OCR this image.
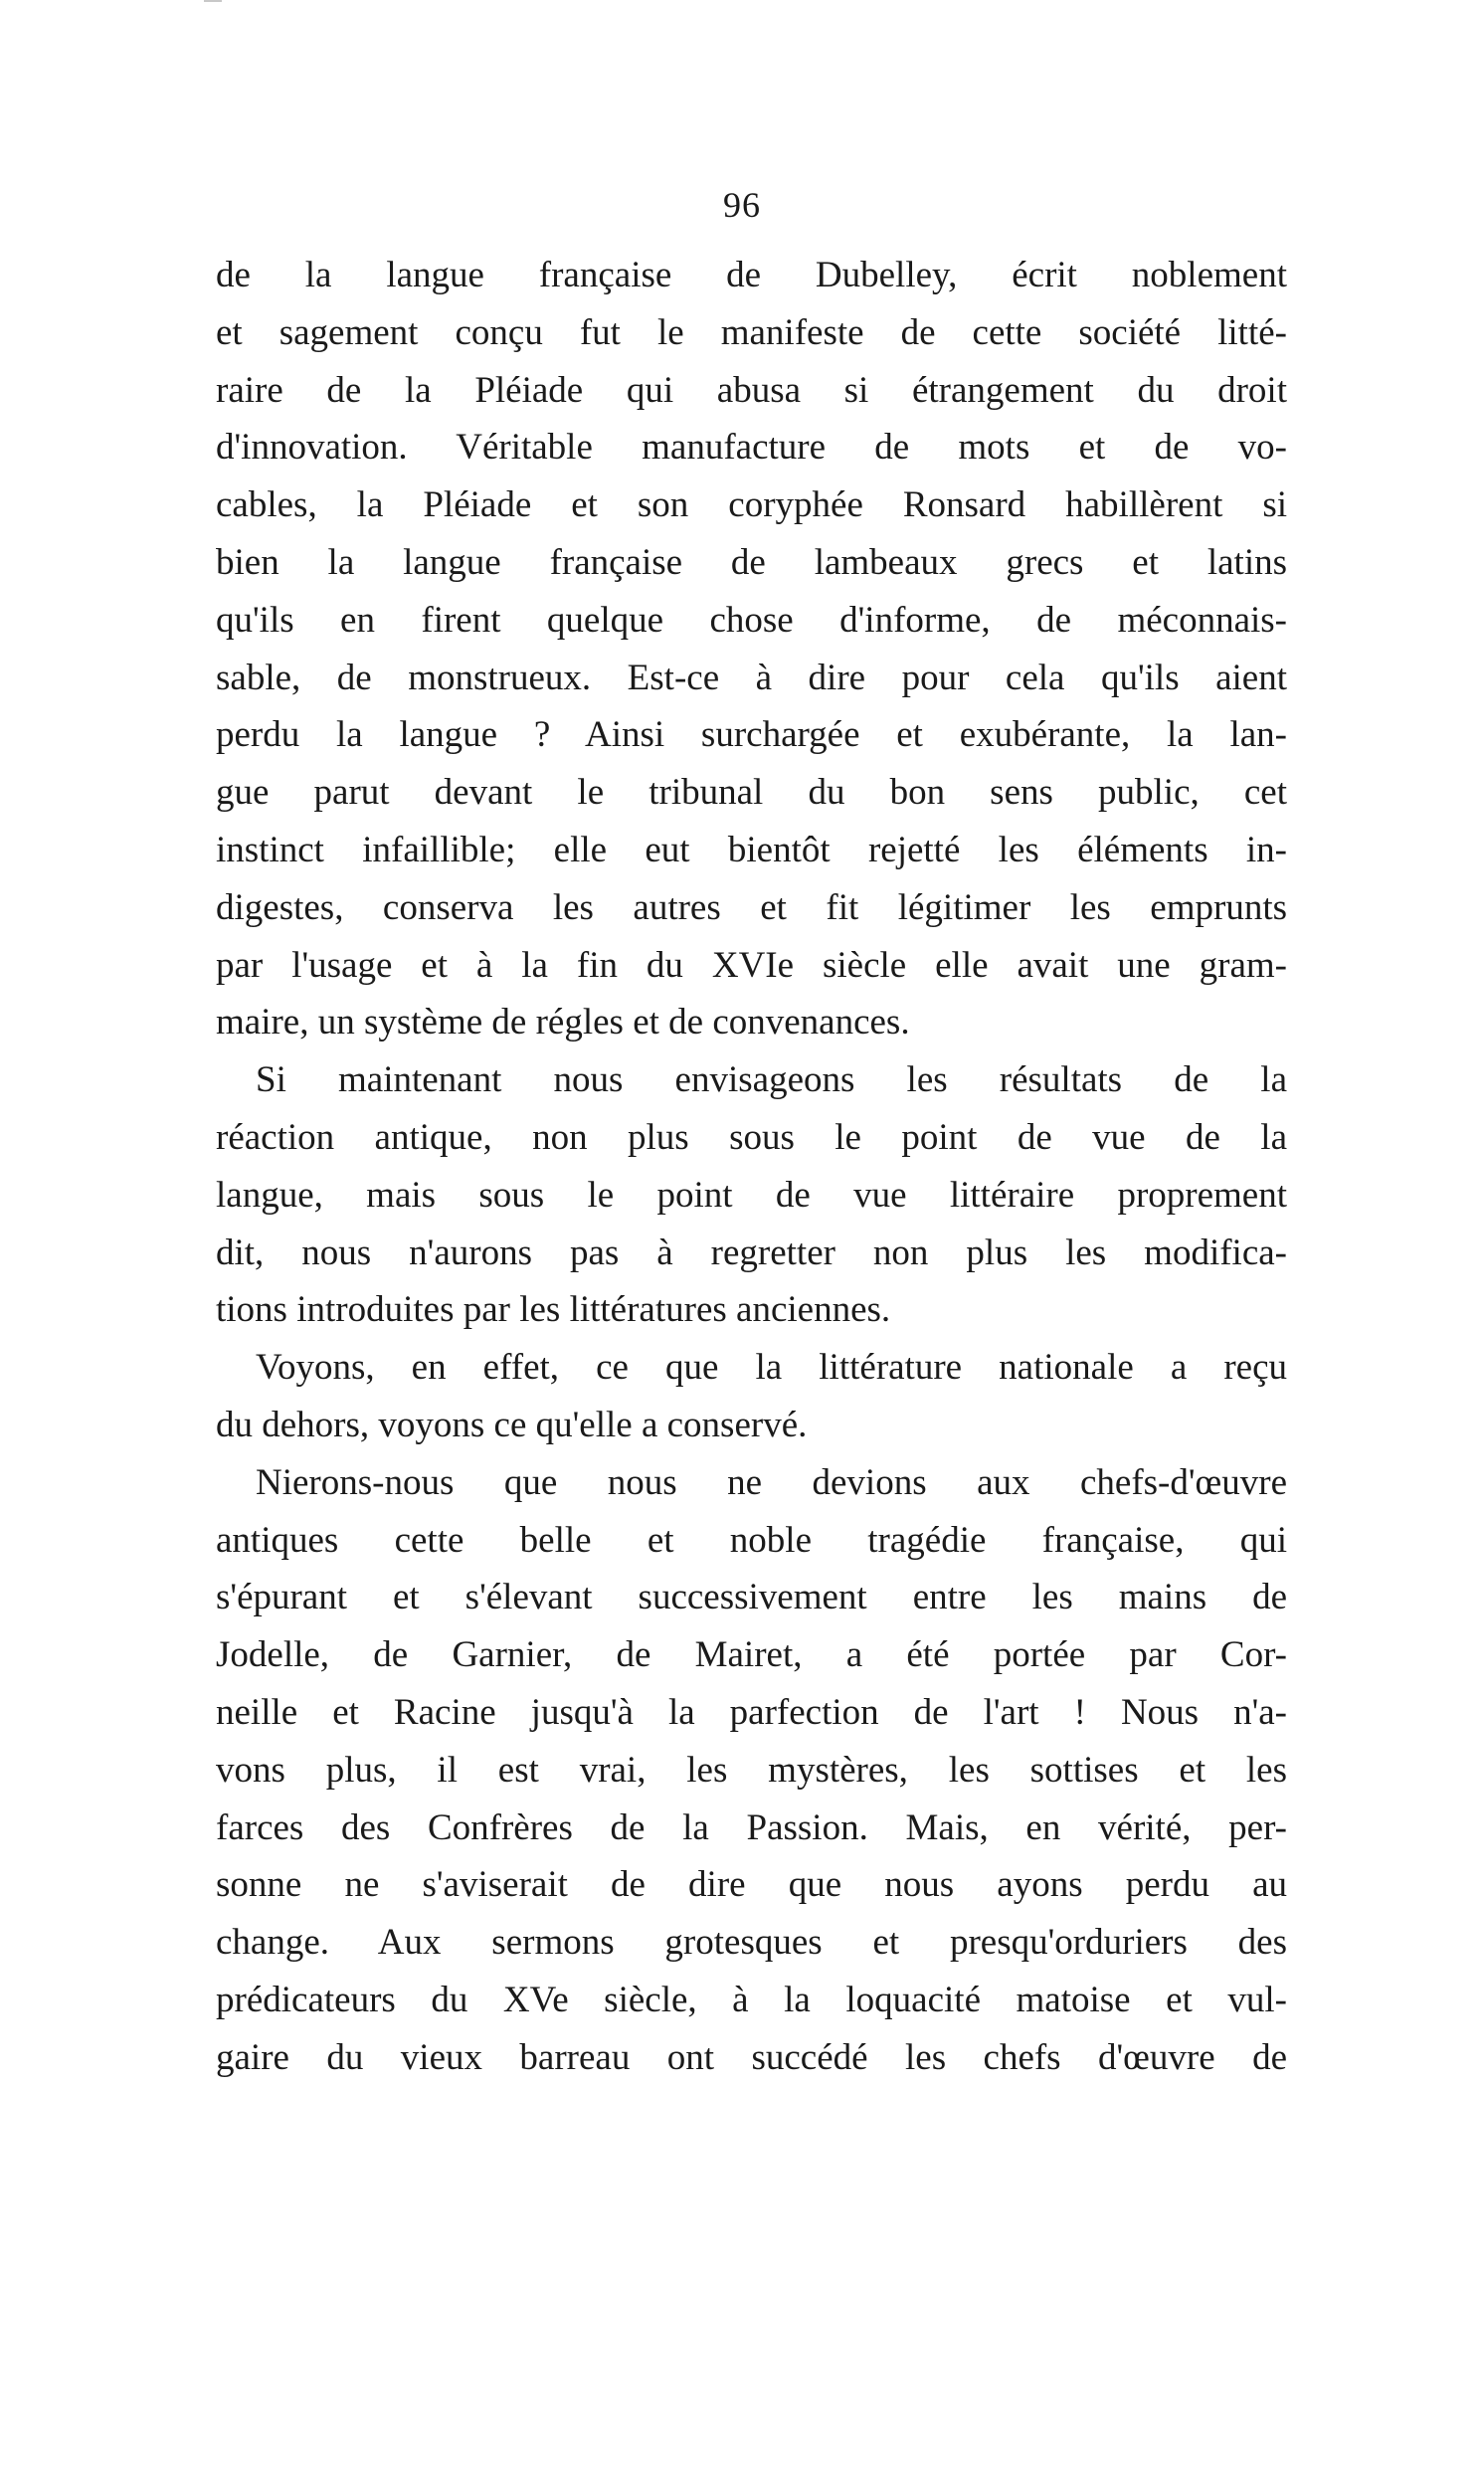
96
de la langue française de Dubelley, écrit noblement
et sagement conçu fut le manifeste de cette société litté-
raire de la Pléiade qui abusa si étrangement du droit
d'innovation. Véritable manufacture de mots et de vo-
cables, la Pléiade et son coryphée Ronsard habillèrent si
bien la langue française de lambeaux grecs et latins
qu'ils en firent quelque chose d'informe, de méconnais-
sable, de monstrueux. Est-ce à dire pour cela qu'ils aient
perdu la langue ? Ainsi surchargée et exubérante, la lan-
gue parut devant le tribunal du bon sens public, cet
instinct infaillible; elle eut bientôt rejetté les éléments in-
digestes, conserva les autres et fit légitimer les emprunts
par l'usage et à la fin du XVIe siècle elle avait une gram-
maire, un système de régles et de convenances.
Si maintenant nous envisageons les résultats de la
réaction antique, non plus sous le point de vue de la
langue, mais sous le point de vue littéraire proprement
dit, nous n'aurons pas à regretter non plus les modifica-
tions introduites par les littératures anciennes.
Voyons, en effet, ce que la littérature nationale a reçu
du dehors, voyons ce qu'elle a conservé.
Nierons-nous que nous ne devions aux chefs-d'œuvre
antiques cette belle et noble tragédie française, qui
s'épurant et s'élevant successivement entre les mains de
Jodelle, de Garnier, de Mairet, a été portée par Cor-
neille et Racine jusqu'à la parfection de l'art ! Nous n'a-
vons plus, il est vrai, les mystères, les sottises et les
farces des Confrères de la Passion. Mais, en vérité, per-
sonne ne s'aviserait de dire que nous ayons perdu au
change. Aux sermons grotesques et presqu'orduriers des
prédicateurs du XVe siècle, à la loquacité matoise et vul-
gaire du vieux barreau ont succédé les chefs d'œuvre de
